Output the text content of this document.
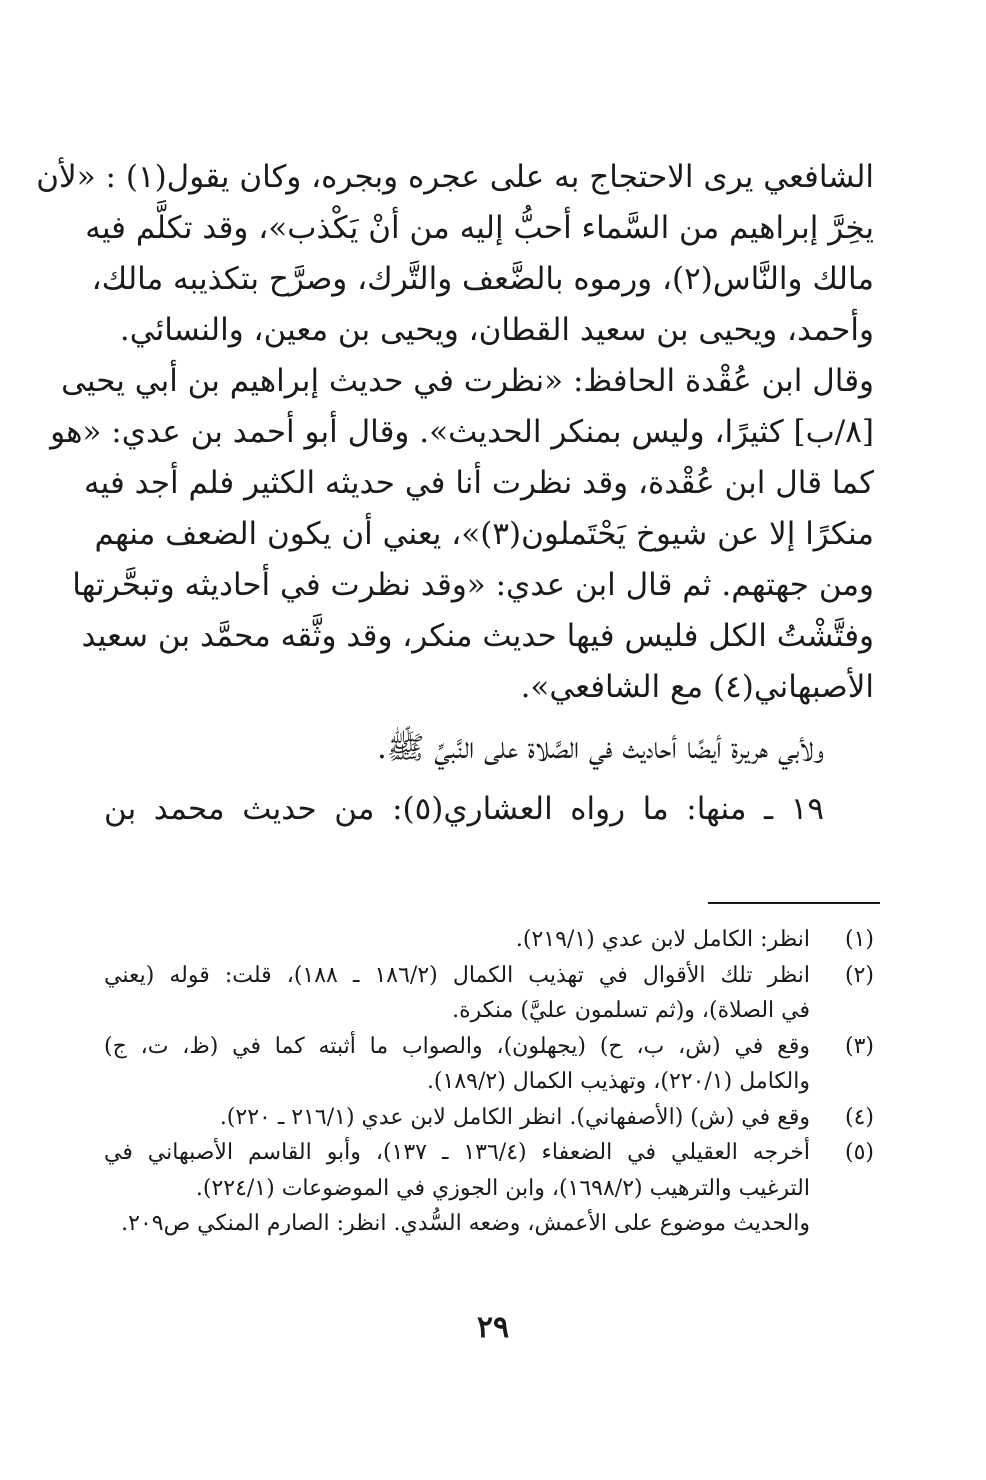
الشافعي يرى الاحتجاج به على عجره وبجره، وكان يقول(١) : «لأن
يخِرَّ إبراهيم من السَّماء أحبُّ إليه من أنْ يَكْذب»، وقد تكلَّم فيه
مالك والنَّاس(٢)، ورموه بالضَّعف والتَّرك، وصرَّح بتكذيبه مالك،
وأحمد، ويحيى بن سعيد القطان، ويحيى بن معين، والنسائي.
وقال ابن عُقْدة الحافظ: «نظرت في حديث إبراهيم بن أبي يحيى
[٨/ب] كثيرًا، وليس بمنكر الحديث». وقال أبو أحمد بن عدي: «هو
كما قال ابن عُقْدة، وقد نظرت أنا في حديثه الكثير فلم أجد فيه
منكرًا إلا عن شيوخ يَحْتَملون(٣)»، يعني أن يكون الضعف منهم
ومن جهتهم. ثم قال ابن عدي: «وقد نظرت في أحاديثه وتبحَّرتها
وفتَّشْتُ الكل فليس فيها حديث منكر، وقد وثَّقه محمَّد بن سعيد
الأصبهاني(٤) مع الشافعي».
ولأبي هريرة أيضًا أحاديث في الصَّلاة على النَّبيِّ ﷺ.
١٩ ـ منها: ما رواه العشاري(٥): من حديث محمد بن
(١)
انظر: الكامل لابن عدي (٢١٩/١).
(٢)
انظر تلك الأقوال في تهذيب الكمال (١٨٦/٢ ـ ١٨٨)، قلت: قوله (يعني
في الصلاة)، و(ثم تسلمون عليَّ) منكرة.
(٣)
وقع في (ش، ب، ح) (يجهلون)، والصواب ما أثبته كما في (ظ، ت، ج)
والكامل (٢٢٠/١)، وتهذيب الكمال (١٨٩/٢).
(٤)
وقع في (ش) (الأصفهاني). انظر الكامل لابن عدي (٢١٦/١ ـ ٢٢٠).
(٥)
أخرجه العقيلي في الضعفاء (١٣٦/٤ ـ ١٣٧)، وأبو القاسم الأصبهاني في
الترغيب والترهيب (١٦٩٨/٢)، وابن الجوزي في الموضوعات (٢٢٤/١).
والحديث موضوع على الأعمش، وضعه السُّدي. انظر: الصارم المنكي ص٢٠٩.
٢٩
